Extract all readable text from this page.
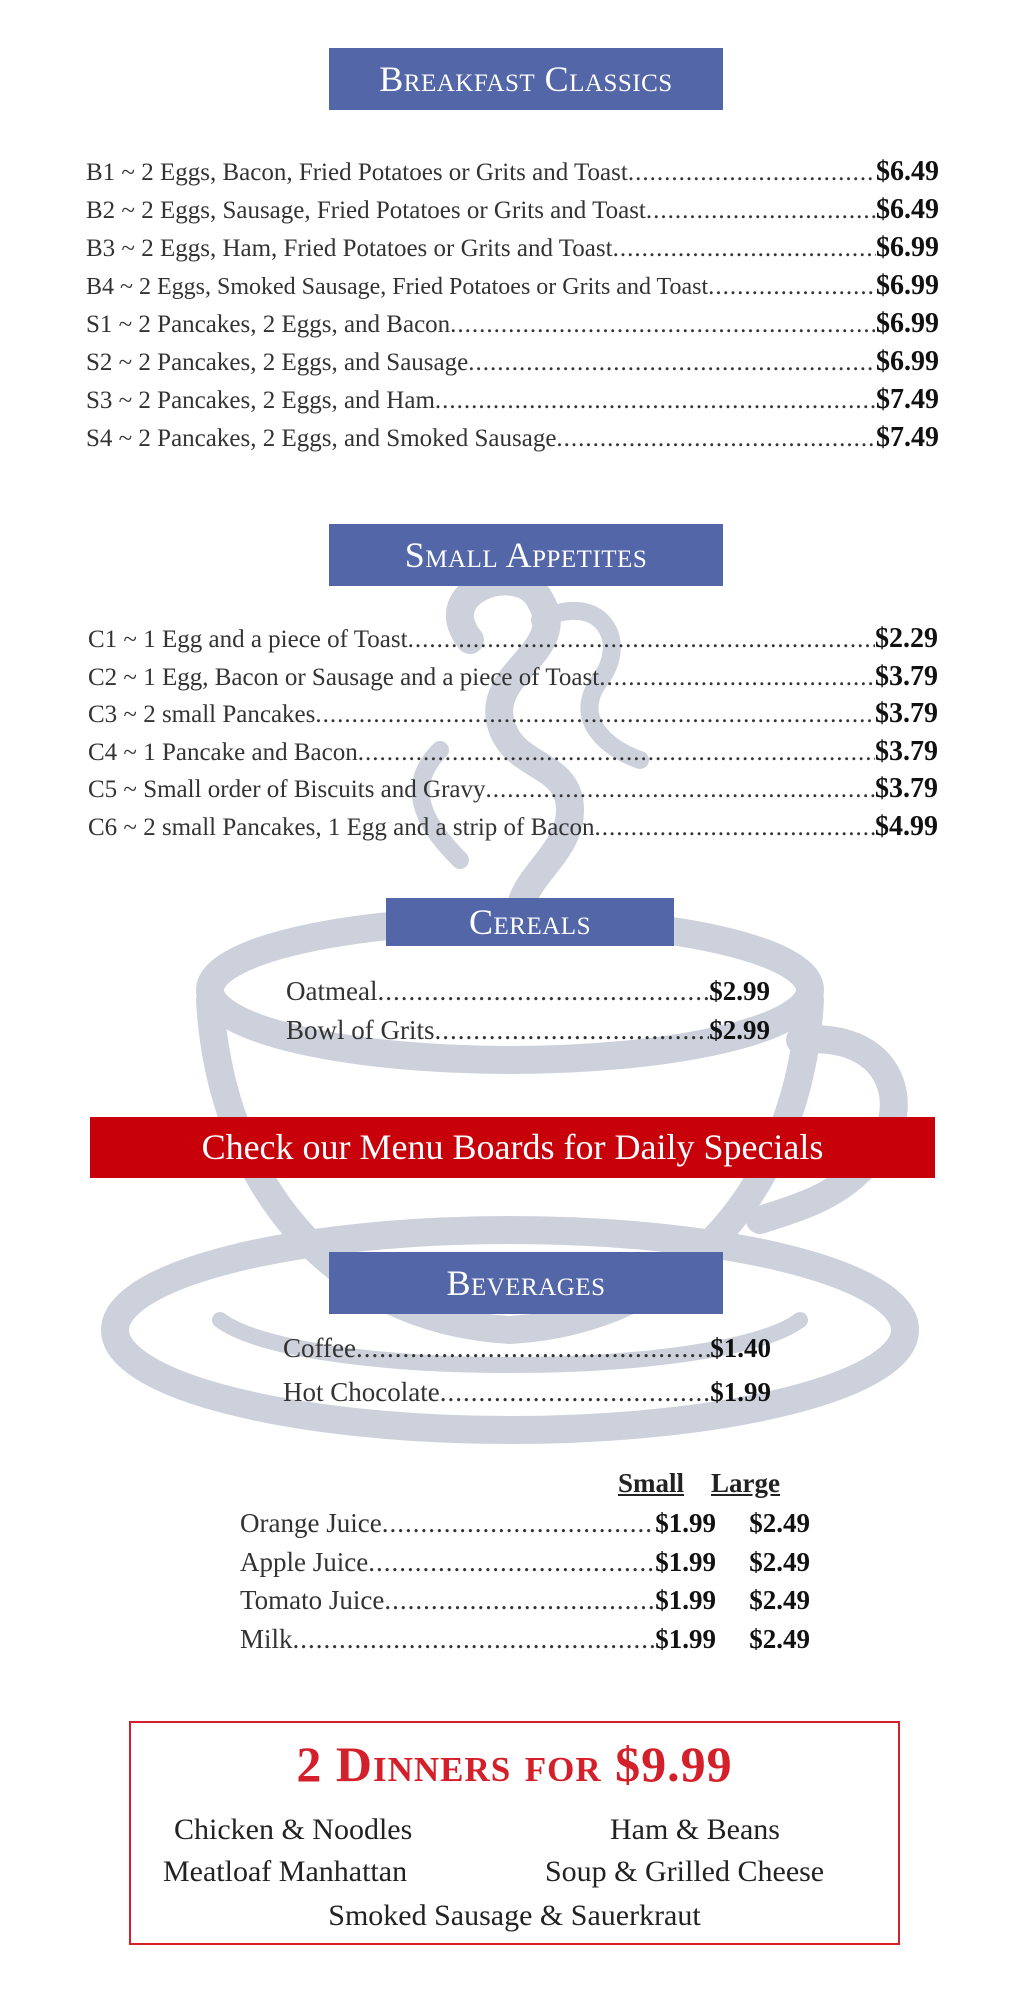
Breakfast Classics
B1 ~ 2 Eggs, Bacon, Fried Potatoes or Grits and Toast .....	$6.49
B2 ~ 2 Eggs, Sausage, Fried Potatoes or Grits and Toast .....	$6.49
B3 ~ 2 Eggs, Ham, Fried Potatoes or Grits and Toast .....	$6.99
B4 ~ 2 Eggs, Smoked Sausage, Fried Potatoes or Grits and Toast .....	$6.99
S1 ~ 2 Pancakes, 2 Eggs, and Bacon .....	$6.99
S2 ~ 2 Pancakes, 2 Eggs, and Sausage .....	$6.99
S3 ~ 2 Pancakes, 2 Eggs, and Ham .....	$7.49
S4 ~ 2 Pancakes, 2 Eggs, and Smoked Sausage .....	$7.49
Small Appetites
C1 ~ 1 Egg and a piece of Toast .....	$2.29
C2 ~ 1 Egg, Bacon or Sausage and a piece of Toast .....	$3.79
C3 ~ 2 small Pancakes .....	$3.79
C4 ~ 1 Pancake and Bacon .....	$3.79
C5 ~ Small order of Biscuits and Gravy .....	$3.79
C6 ~ 2 small Pancakes, 1 Egg and a strip of Bacon .....	$4.99
Cereals
Oatmeal .....	$2.99
Bowl of Grits .....	$2.99
Check our Menu Boards for Daily Specials
Beverages
Coffee .....	$1.40
Hot Chocolate .....	$1.99
Small Large
Orange Juice .....	$1.99	$2.49
Apple Juice .....	$1.99	$2.49
Tomato Juice .....	$1.99	$2.49
Milk .....	$1.99	$2.49
2 Dinners for $9.99
Chicken & Noodles	Ham & Beans
Meatloaf Manhattan	Soup & Grilled Cheese
Smoked Sausage & Sauerkraut
